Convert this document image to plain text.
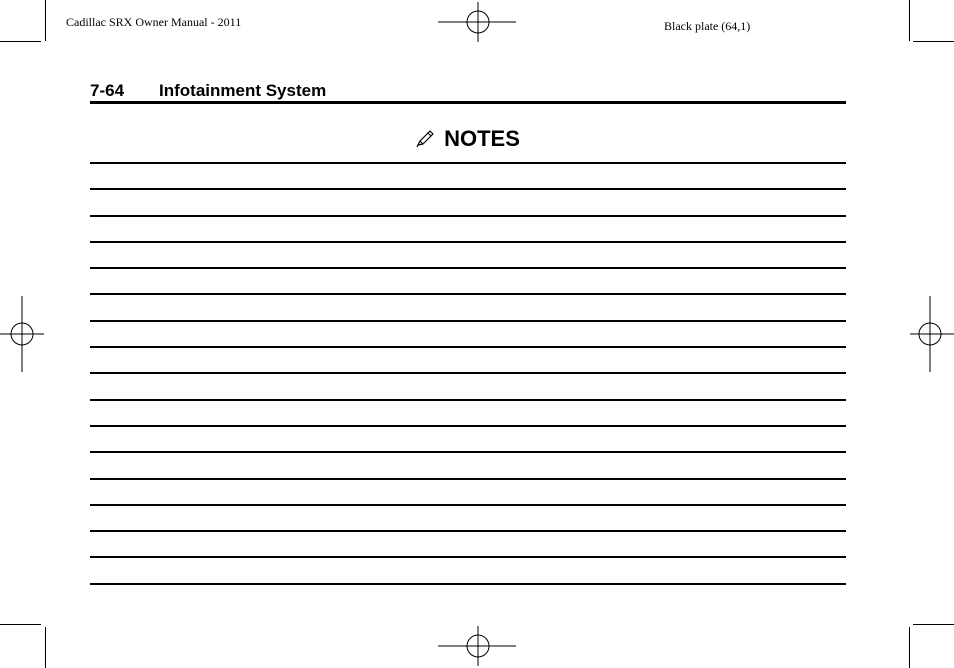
Cadillac SRX Owner Manual - 2011	Black plate (64,1)
7-64 Infotainment System
NOTES
